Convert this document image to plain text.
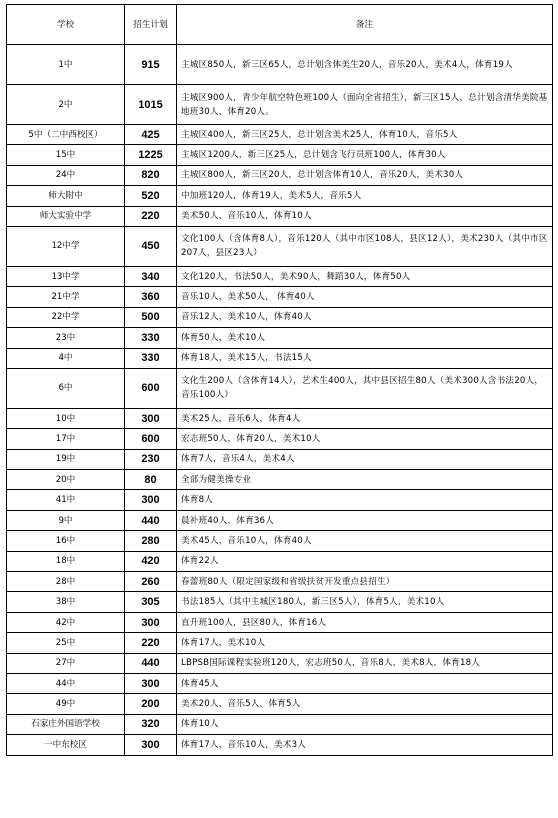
学校	招生计划	备注
1中	915	主城区850人，新三区65人，总计划含体美生20人，音乐20人，美术4人，体育19人
2中	1015	主城区900人，青少年航空特色班100人（面向全省招生），新三区15人，总计划含清华美院基地班30人，体育20人。
5中（二中西校区）	425	主城区400人，新三区25人，总计划含美术25人，体育10人，音乐5人
15中	1225	主城区1200人，新三区25人，总计划含飞行员班100人，体育30人
24中	820	主城区800人，新三区20人，总计划含体育10人，音乐20人，美术30人
师大附中	520	中加班120人，体育19人，美术5人，音乐5人
师大实验中学	220	美术50人，音乐10人，体育10人
12中学	450	文化100人（含体育8人），音乐120人（其中市区108人，县区12人），美术230人（其中市区207人，县区23人）
13中学	340	文化120人，书法50人，美术90人，舞蹈30人，体育50人
21中学	360	音乐10人，美术50人， 体育40人
22中学	500	音乐12人，美术10人，体育40人
23中	330	体育50人，美术10人
4中	330	体育18人，美术15人，书法15人
6中	600	文化生200人（含体育14人），艺术生400人，其中县区招生80人（美术300人含书法20人，音乐100人）
10中	300	美术25人，音乐6人，体育4人
17中	600	宏志班50人，体育20人，美术10人
19中	230	体育7人，音乐4人，美术4人
20中	80	全部为健美操专业
41中	300	体育8人
9中	440	晨补班40人，体育36人
16中	280	美术45人，音乐10人，体育40人
18中	420	体育22人
28中	260	春蕾班80人（限定国家级和省级扶贫开发重点县招生）
38中	305	书法185人（其中主城区180人，新三区5人），体育5人，美术10人
42中	300	直升班100人，县区80人，体育16人
25中	220	体育17人，美术10人
27中	440	LBPSB国际课程实验班120人，宏志班50人，音乐8人，美术8人，体育18人
44中	300	体育45人
49中	200	美术20人，音乐5人，体育5人
石家庄外国语学校	320	体育10人
一中东校区	300	体育17人，音乐10人，美术3人
